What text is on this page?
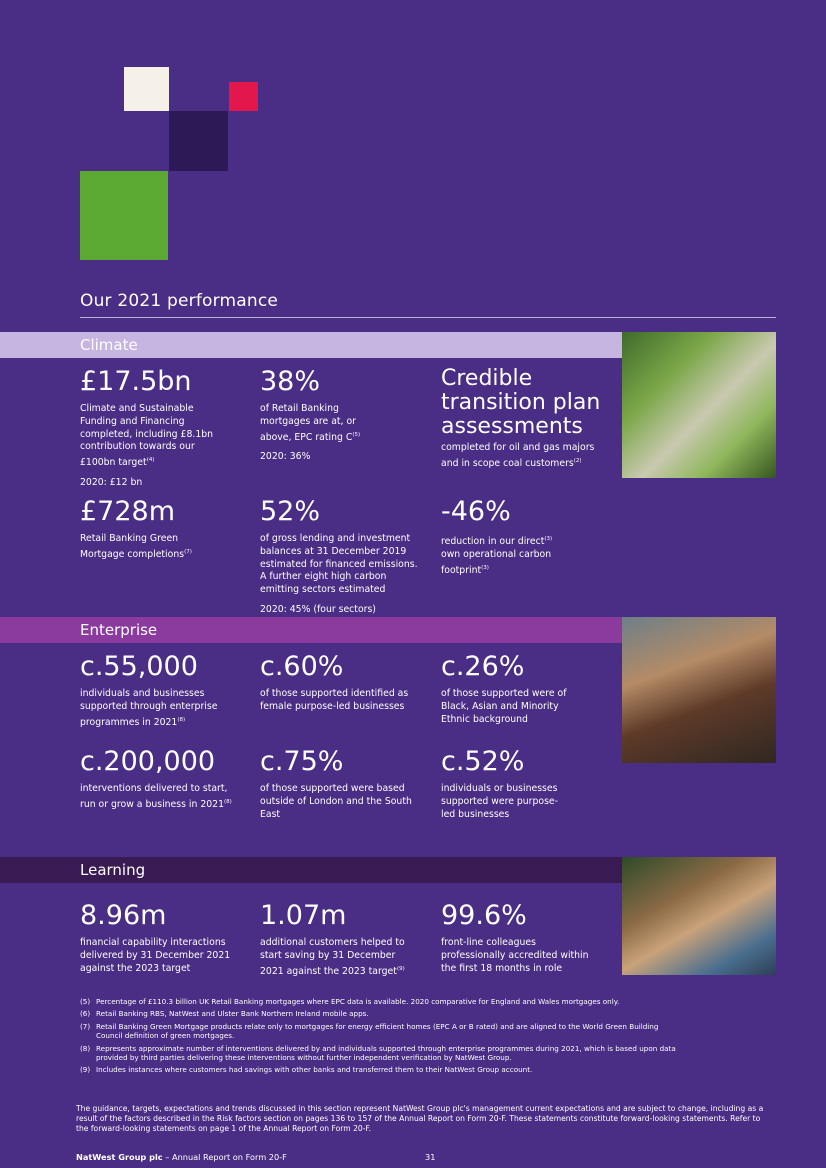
Our 2021 performance
Climate
£17.5bn
Climate and Sustainable Funding and Financing completed, including £8.1bn contribution towards our £100bn target$^{(4)}$
2020: £12 bn
38%
of Retail Banking mortgages are at, or above, EPC rating $C^{(5)}$
2020: 36%
Credible transition plan assessments
completed for oil and gas majors and in scope coal customers$^{(2)}$
£728m
Retail Banking Green Mortgage completions$^{(7)}$
52%
of gross lending and investment balances at 31 December 2019 estimated for financed emissions. A further eight high carbon emitting sectors estimated
2020: 45% (four sectors)
-46%
reduction in our direct$^{(3)}$ own operational carbon footprint$^{(3)}$
Enterprise
c.55,000
individuals and businesses supported through enterprise programmes in 2021$^{(8)}$
c.60%
of those supported identified as female purpose-led businesses
c.26%
of those supported were of Black, Asian and Minority Ethnic background
c.200,000
interventions delivered to start, run or grow a business in 2021$^{(8)}$
c.75%
of those supported were based outside of London and the South East
c.52%
individuals or businesses supported were purpose-led businesses
Learning
8.96m
financial capability interactions delivered by 31 December 2021 against the 2023 target
1.07m
additional customers helped to start saving by 31 December 2021 against the 2023 target$^{(9)}$
99.6%
front-line colleagues professionally accredited within the first 18 months in role
(5) Percentage of £110.3 billion UK Retail Banking mortgages where EPC data is available. 2020 comparative for England and Wales mortgages only.
(6) Retail Banking RBS, NatWest and Ulster Bank Northern Ireland mobile apps.
(7) Retail Banking Green Mortgage products relate only to mortgages for energy efficient homes (EPC A or B rated) and are aligned to the World Green Building Council definition of green mortgages.
(8) Represents approximate number of interventions delivered by and individuals supported through enterprise programmes during 2021, which is based upon data provided by third parties delivering these interventions without further independent verification by NatWest Group.
(9) Includes instances where customers had savings with other banks and transferred them to their NatWest Group account.
The guidance, targets, expectations and trends discussed in this section represent NatWest Group plc's management current expectations and are subject to change, including as a result of the factors described in the Risk factors section on pages 136 to 157 of the Annual Report on Form 20-F. These statements constitute forward-looking statements. Refer to the forward-looking statements on page 1 of the Annual Report on Form 20-F.
NatWest Group plc – Annual Report on Form 20-F	31
